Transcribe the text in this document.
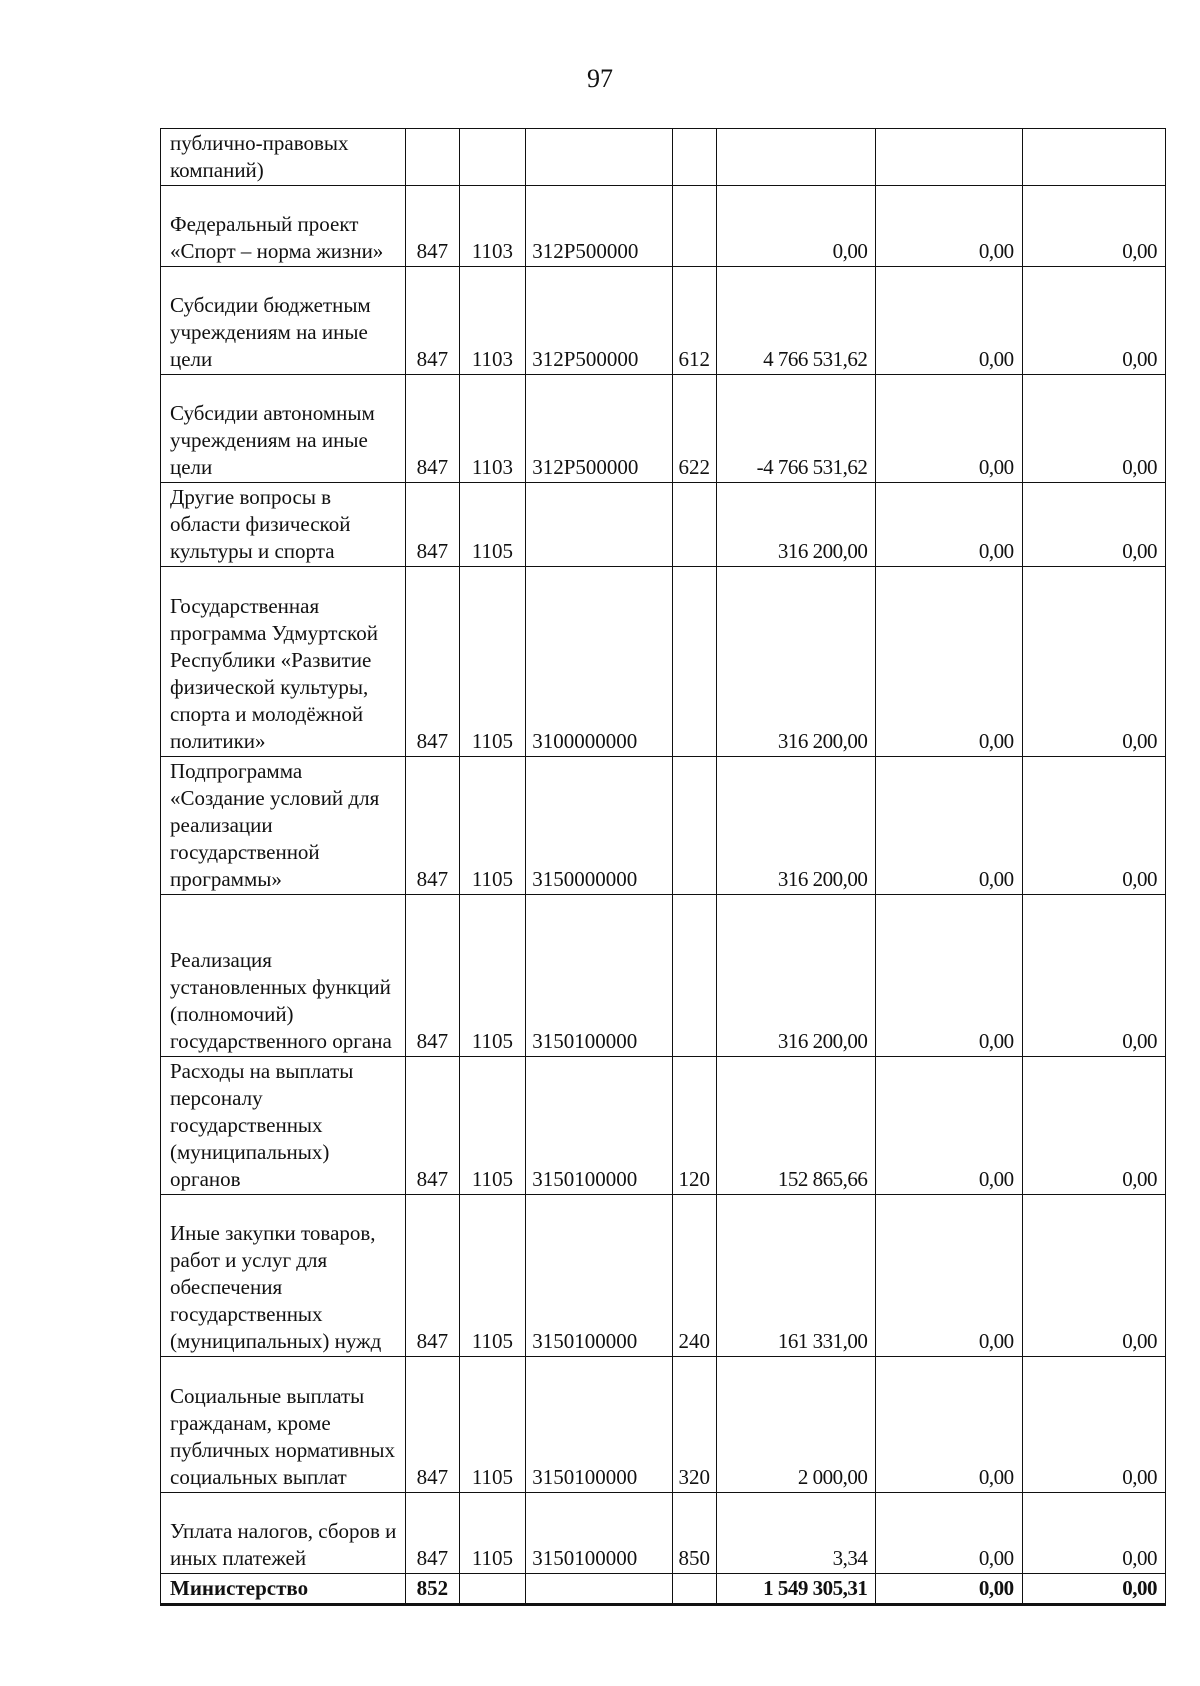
97
публично-правовых компаний)							
Федеральный проект «Спорт – норма жизни»	847	1103	312P500000		0,00	0,00	0,00
Субсидии бюджетным учреждениям на иные цели	847	1103	312P500000	612	4 766 531,62	0,00	0,00
Субсидии автономным учреждениям на иные цели	847	1103	312P500000	622	-4 766 531,62	0,00	0,00
Другие вопросы в области физической культуры и спорта	847	1105			316 200,00	0,00	0,00
Государственная программа Удмуртской Республики «Развитие физической культуры, спорта и молодёжной политики»	847	1105	3100000000		316 200,00	0,00	0,00
Подпрограмма «Создание условий для реализации государственной программы»	847	1105	3150000000		316 200,00	0,00	0,00
Реализация установленных функций (полномочий) государственного органа	847	1105	3150100000		316 200,00	0,00	0,00
Расходы на выплаты персоналу государственных (муниципальных) органов	847	1105	3150100000	120	152 865,66	0,00	0,00
Иные закупки товаров, работ и услуг для обеспечения государственных (муниципальных) нужд	847	1105	3150100000	240	161 331,00	0,00	0,00
Социальные выплаты гражданам, кроме публичных нормативных социальных выплат	847	1105	3150100000	320	2 000,00	0,00	0,00
Уплата налогов, сборов и иных платежей	847	1105	3150100000	850	3,34	0,00	0,00
Министерство	852				1 549 305,31	0,00	0,00
